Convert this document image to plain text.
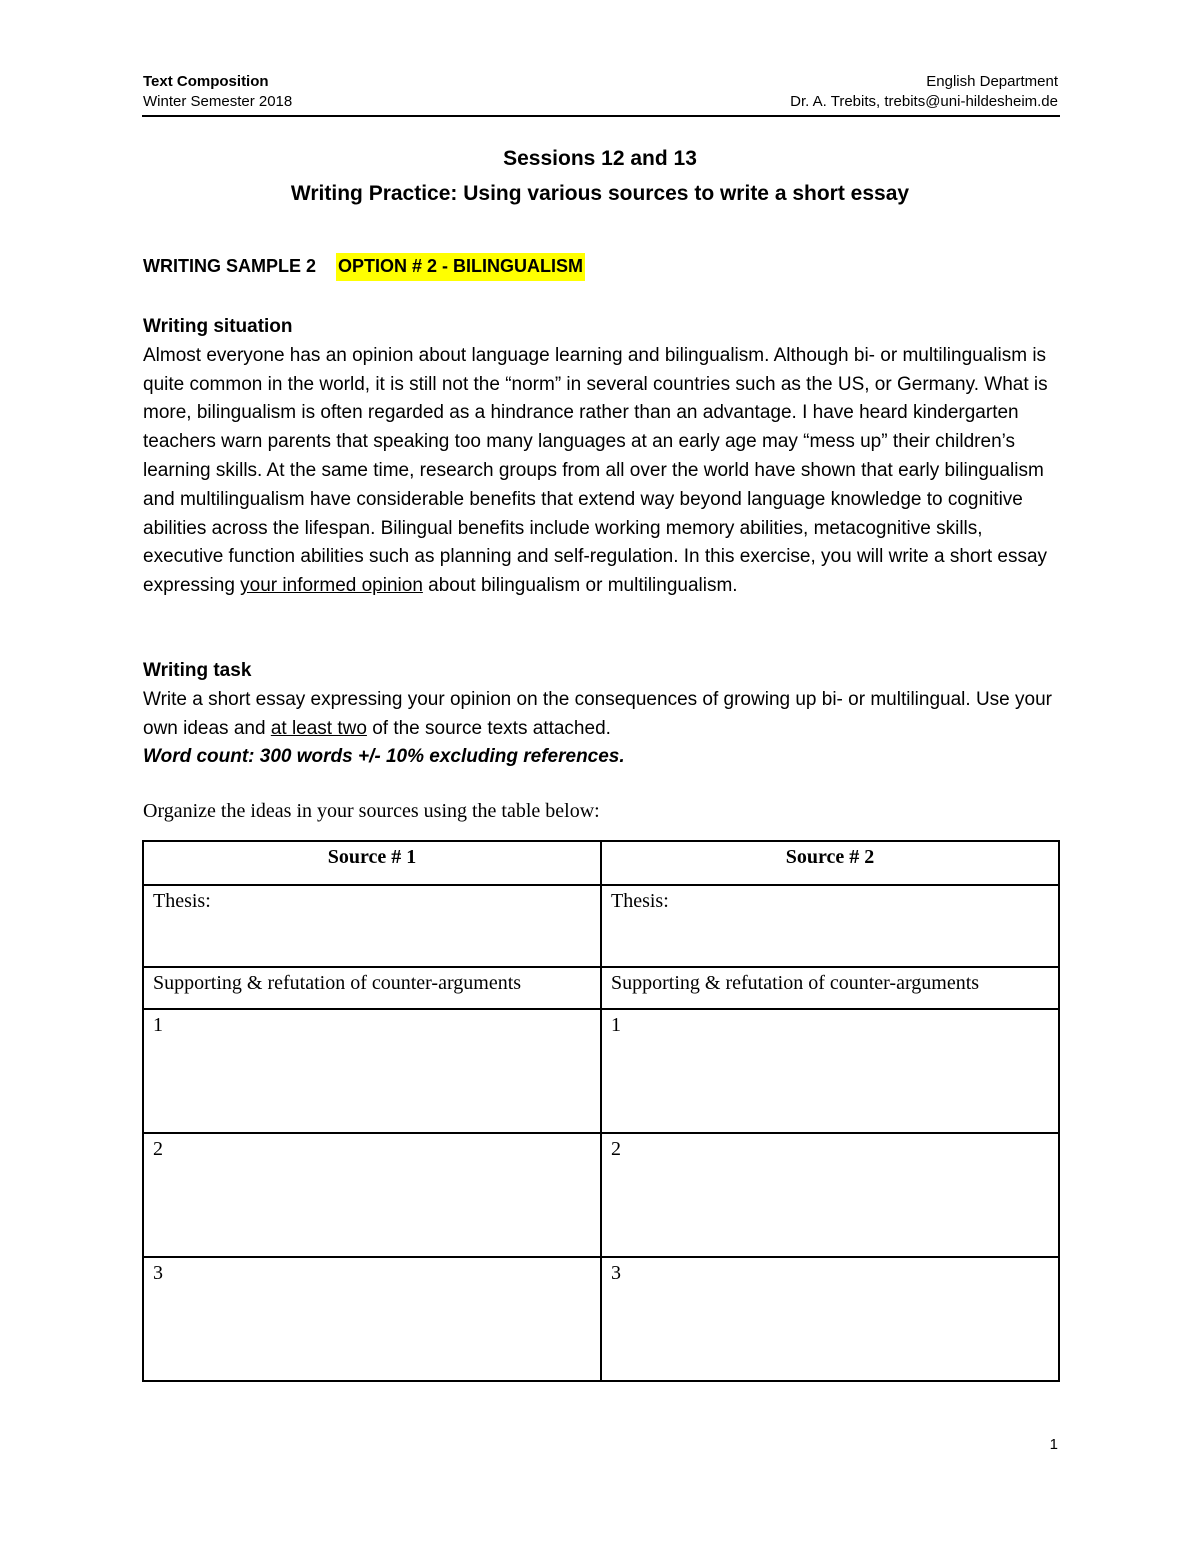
Text Composition
Winter Semester 2018
English Department
Dr. A. Trebits, trebits@uni-hildesheim.de
Sessions 12 and 13
Writing Practice: Using various sources to write a short essay
WRITING SAMPLE 2 OPTION # 2 - BILINGUALISM
Writing situation
Almost everyone has an opinion about language learning and bilingualism. Although bi- or multilingualism is quite common in the world, it is still not the “norm” in several countries such as the US, or Germany. What is more, bilingualism is often regarded as a hindrance rather than an advantage. I have heard kindergarten teachers warn parents that speaking too many languages at an early age may “mess up” their children’s learning skills. At the same time, research groups from all over the world have shown that early bilingualism and multilingualism have considerable benefits that extend way beyond language knowledge to cognitive abilities across the lifespan. Bilingual benefits include working memory abilities, metacognitive skills, executive function abilities such as planning and self-regulation. In this exercise, you will write a short essay expressing your informed opinion about bilingualism or multilingualism.
Writing task
Write a short essay expressing your opinion on the consequences of growing up bi- or multilingual. Use your own ideas and at least two of the source texts attached.
Word count: 300 words +/- 10% excluding references.
Organize the ideas in your sources using the table below:
Source # 1	Source # 2
Thesis:	Thesis:
Supporting & refutation of counter-arguments	Supporting & refutation of counter-arguments
1	1
2	2
3	3
1
